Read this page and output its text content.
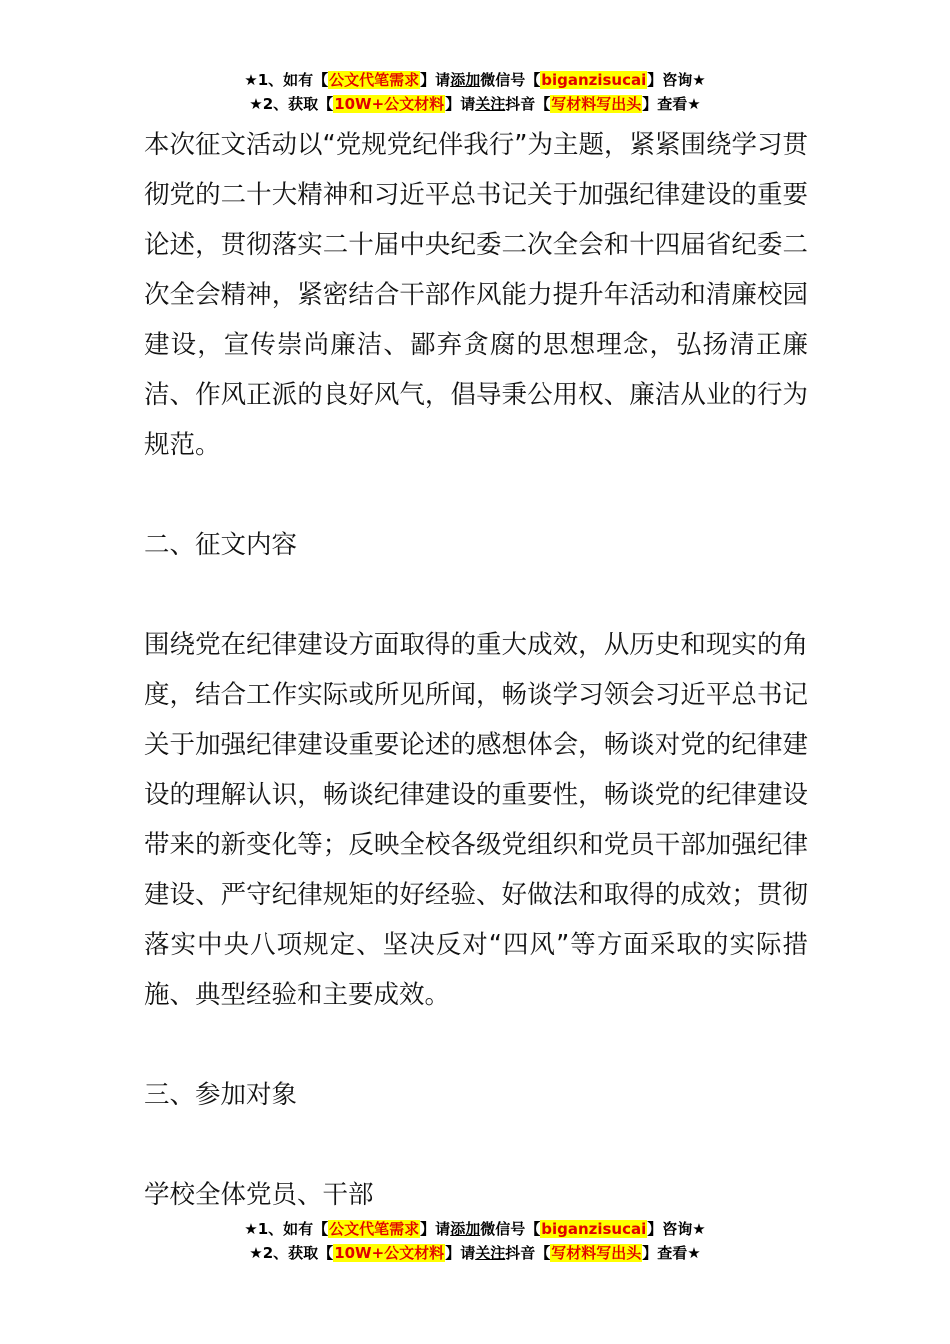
★1、如有【公文代笔需求】请添加微信号【biganzisucai】咨询★
★2、获取【10W+公文材料】请关注抖音【写材料写出头】查看★

本次征文活动以“党规党纪伴我行”为主题，紧紧围绕学习贯彻党的二十大精神和习近平总书记关于加强纪律建设的重要论述，贯彻落实二十届中央纪委二次全会和十四届省纪委二次全会精神，紧密结合干部作风能力提升年活动和清廉校园建设，宣传崇尚廉洁、鄙弃贪腐的思想理念，弘扬清正廉洁、作风正派的良好风气，倡导秉公用权、廉洁从业的行为规范。

二、征文内容

围绕党在纪律建设方面取得的重大成效，从历史和现实的角度，结合工作实际或所见所闻，畅谈学习领会习近平总书记关于加强纪律建设重要论述的感想体会，畅谈对党的纪律建设的理解认识，畅谈纪律建设的重要性，畅谈党的纪律建设带来的新变化等；反映全校各级党组织和党员干部加强纪律建设、严守纪律规矩的好经验、好做法和取得的成效；贯彻落实中央八项规定、坚决反对“四风”等方面采取的实际措施、典型经验和主要成效。

三、参加对象

学校全体党员、干部

★1、如有【公文代笔需求】请添加微信号【biganzisucai】咨询★
★2、获取【10W+公文材料】请关注抖音【写材料写出头】查看★
